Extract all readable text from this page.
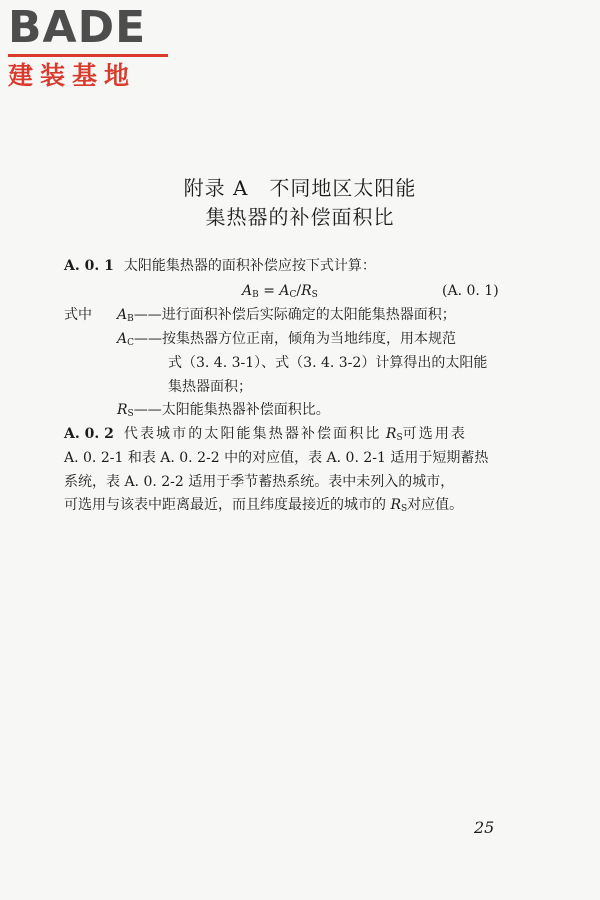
BADE
建装基地
附录 A　不同地区太阳能
集热器的补偿面积比
A. 0. 1 太阳能集热器的面积补偿应按下式计算：
$A_B = A_C/R_S$	(A. 0. 1)
式中 $A_B——$进行面积补偿后实际确定的太阳能集热器面积；
$A_C——$按集热器方位正南，倾角为当地纬度，用本规范
式（3. 4. 3-1）、式（3. 4. 3-2）计算得出的太阳能
集热器面积；
$R_S——$太阳能集热器补偿面积比。
A. 0. 2 代表城市的太阳能集热器补偿面积比 $R_S$可选用表
A. 0. 2-1 和表 A. 0. 2-2 中的对应值，表 A. 0. 2-1 适用于短期蓄热
系统，表 A. 0. 2-2 适用于季节蓄热系统。表中未列入的城市，
可选用与该表中距离最近，而且纬度最接近的城市的 $R_S$对应值。
25
